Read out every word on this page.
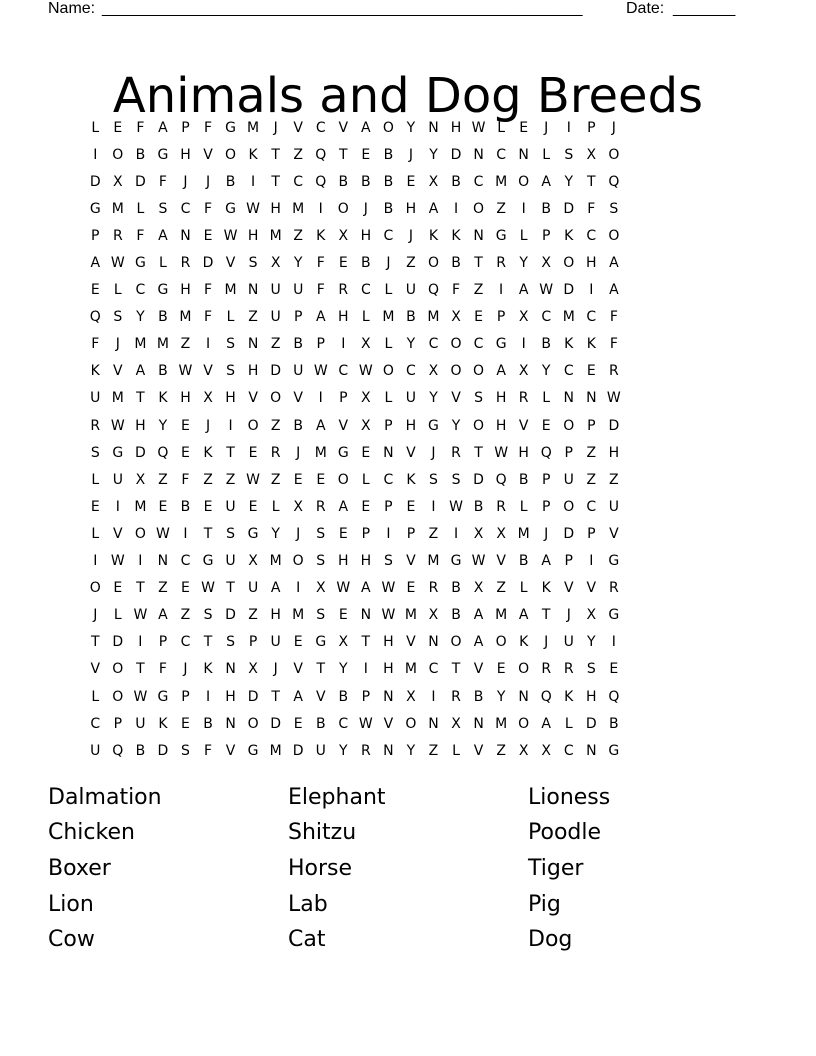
Name: ______________________________________________________	Date: _______
Animals and Dog Breeds
L	E	F A P	F G M	J	V C V A O Y N H W L	E	J	I	P	J
I	O B G H V O K T Z Q T E B	J	Y D N C N L	S X O
D X D F	J	J	B	I	T C Q B B B E X B C M O A Y T Q
G M L	S C F G W H M	I	O	J	B H A	I	O Z	I	B D F	S
P R F A N E W H M Z K X H C	J	K K N G L	P K C O
A W G L R D V S X Y	F	E B	J	Z O B T R Y X O H A
E	L C G H F M N U U F R C L U Q F Z	I	A W D	I	A
Q S Y B M F	L Z U P A H L M B M X E P X C M C F
F	J	M M Z	I	S N Z B P	I	X L	Y C O C G	I	B K K F
K V A B W V S H D U W C W O C X O O A X Y C E R
U M T K H X H V O V	I	P X L U Y V S H R L N N W
R W H Y E	J	I	O Z B A V X P H G Y O H V E O P D
S G D Q E K T E R	J	M G E N V	J	R T W H Q P Z H
L U X Z F Z Z W Z E E O L C K S S D Q B P U Z Z
E	I	M E B E U E	L X R A E P E	I W B R L	P O C U
L V O W I	T S G Y	J	S E P	I	P Z	I	X X M	J	D P V
I W I	N C G U X M O S H H S V M G W V B A P	I	G
O E T Z E W T U A	I	X W A W E R B X Z L	K V V R
J	L W A Z S D Z H M S E N W M X B A M A T	J	X G
T D	I	P C T S P U E G X T H V N O A O K	J	U Y	I
V O T	F	J	K N X	J	V T Y	I	H M C T V E O R R S E
L O W G P	I	H D T A V B P N X	I	R B Y N Q K H Q
C P U K E B N O D E B C W V O N X N M O A L D B
U Q B D S	F V G M D U Y R N Y Z L V Z X X C N G
Dalmation	Elephant	Lioness
Chicken	Shitzu	Poodle
Boxer	Horse	Tiger
Lion	Lab	Pig
Cow	Cat	Dog
